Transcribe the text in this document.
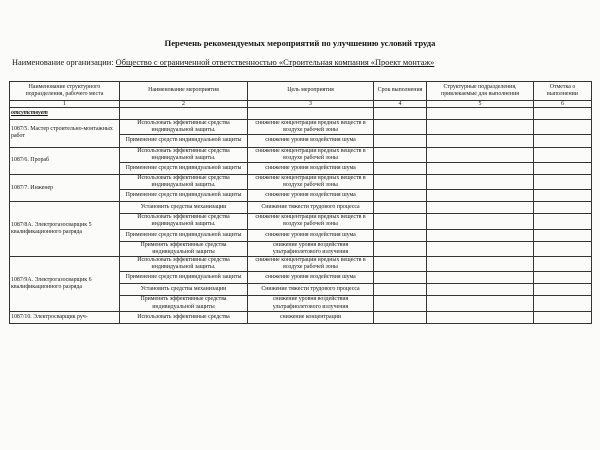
Перечень рекомендуемых мероприятий по улучшению условий труда
Наименование организации: Общество с ограниченной ответственностью «Строительная компания «Проект монтаж»
Наименование структурного подразделения, рабочего места	Наименование мероприятия	Цель мероприятия	Срок выполнения	Структурные подразделения, привлекаемые для выполнения	Отметка о выполнении
1	2	3	4	5	6
отсутствует					
1087/5. Мастер строительно-монтажных работ	Использовать эффективные средства индивидуальной защиты.	снижение концентрации вредных веществ в воздухе рабочей зоны			
	Применение средств индивидуальной защиты	снижение уровня воздействия шума			
1087/6. Прораб	Использовать эффективные средства индивидуальной защиты.	снижение концентрации вредных веществ в воздухе рабочей зоны			
	Применение средств индивидуальной защиты	снижение уровня воздействия шума			
1087/7. Инженер	Использовать эффективные средства индивидуальной защиты.	снижение концентрации вредных веществ в воздухе рабочей зоны			
	Применение средств индивидуальной защиты	снижение уровня воздействия шума			
1087/8А. Электрогазосварщик 5 квалификационного разряда	Установить средства механизации	Снижение тяжести трудового процесса			
	Использовать эффективные средства индивидуальной защиты.	снижение концентрации вредных веществ в воздухе рабочей зоны			
	Применение средств индивидуальной защиты	снижение уровня воздействия шума			
	Применять эффективные средства индивидуальной защиты	снижение уровня воздействия ультрафиолетового излучения			
1087/9А. Электрогазосварщик 6 квалификационного разряда	Использовать эффективные средства индивидуальной защиты.	снижение концентрации вредных веществ в воздухе рабочей зоны			
	Применение средств индивидуальной защиты	снижение уровня воздействия шума			
	Установить средства механизации	Снижение тяжести трудового процесса			
	Применять эффективные средства индивидуальной защиты	снижение уровня воздействия ультрафиолетового излучения			
1087/10. Электросварщик руч-	Использовать эффективные средства	снижение концентрации			
